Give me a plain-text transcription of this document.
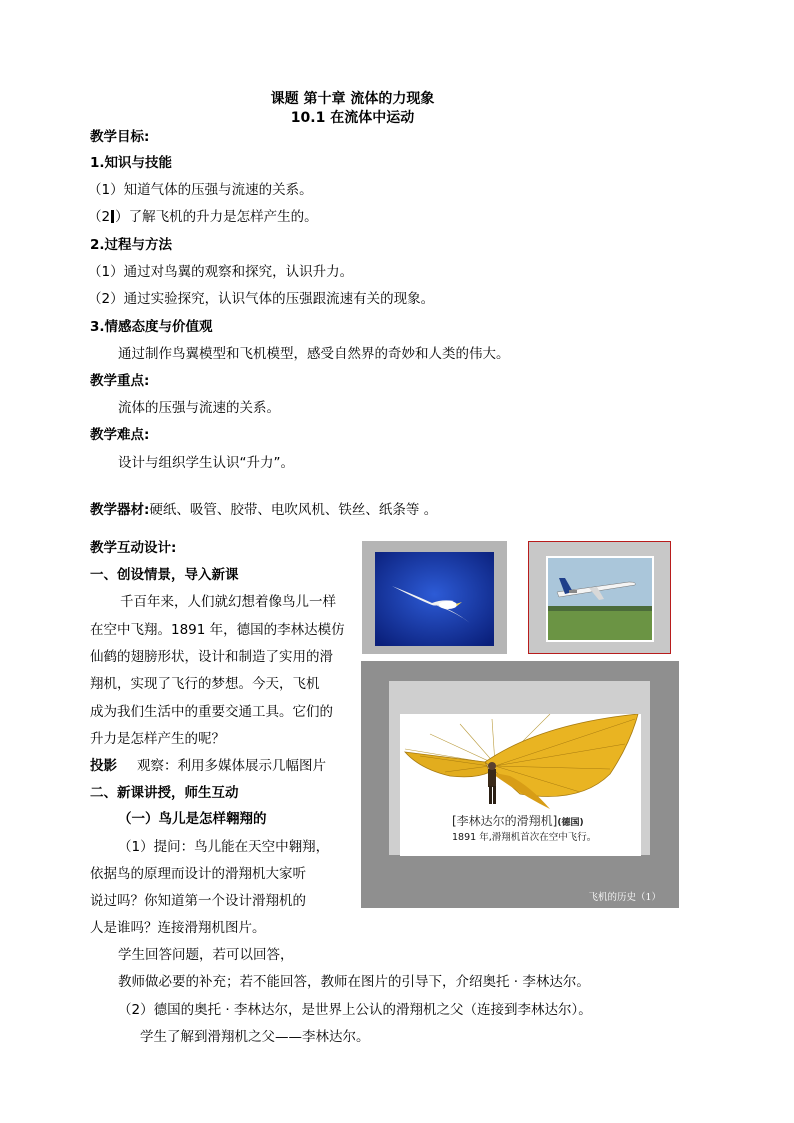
课题 第十章 流体的力现象
10.1 在流体中运动
教学目标:
1.知识与技能
（1）知道气体的压强与流速的关系。
（2 ）了解飞机的升力是怎样产生的。
2.过程与方法
（1）通过对鸟翼的观察和探究，认识升力。
（2）通过实验探究，认识气体的压强跟流速有关的现象。
3.情感态度与价值观
通过制作鸟翼模型和飞机模型，感受自然界的奇妙和人类的伟大。
教学重点:
流体的压强与流速的关系。
教学难点:
设计与组织学生认识“升力”。
教学器材:硬纸、吸管、胶带、电吹风机、铁丝、纸条等 。
教学互动设计:
一、创设情景，导入新课
千百年来，人们就幻想着像鸟儿一样
在空中飞翔。1891 年，德国的李林达模仿
仙鹤的翅膀形状，设计和制造了实用的滑
翔机，实现了飞行的梦想。今天，飞机
成为我们生活中的重要交通工具。它们的
升力是怎样产生的呢？
投影 观察：利用多媒体展示几幅图片
二、新课讲授，师生互动
（一）鸟儿是怎样翱翔的
（1）提问：鸟儿能在天空中翱翔，
依据鸟的原理而设计的滑翔机大家听
说过吗？你知道第一个设计滑翔机的
人是谁吗？连接滑翔机图片。
学生回答问题，若可以回答，
教师做必要的补充；若不能回答，教师在图片的引导下，介绍奥托 · 李林达尔。
（2）德国的奥托 · 李林达尔，是世界上公认的滑翔机之父（连接到李林达尔）。
学生了解到滑翔机之父——李林达尔。
[李林达尔的滑翔机](德国)
1891 年,滑翔机首次在空中飞行。
飞机的历史（1）
